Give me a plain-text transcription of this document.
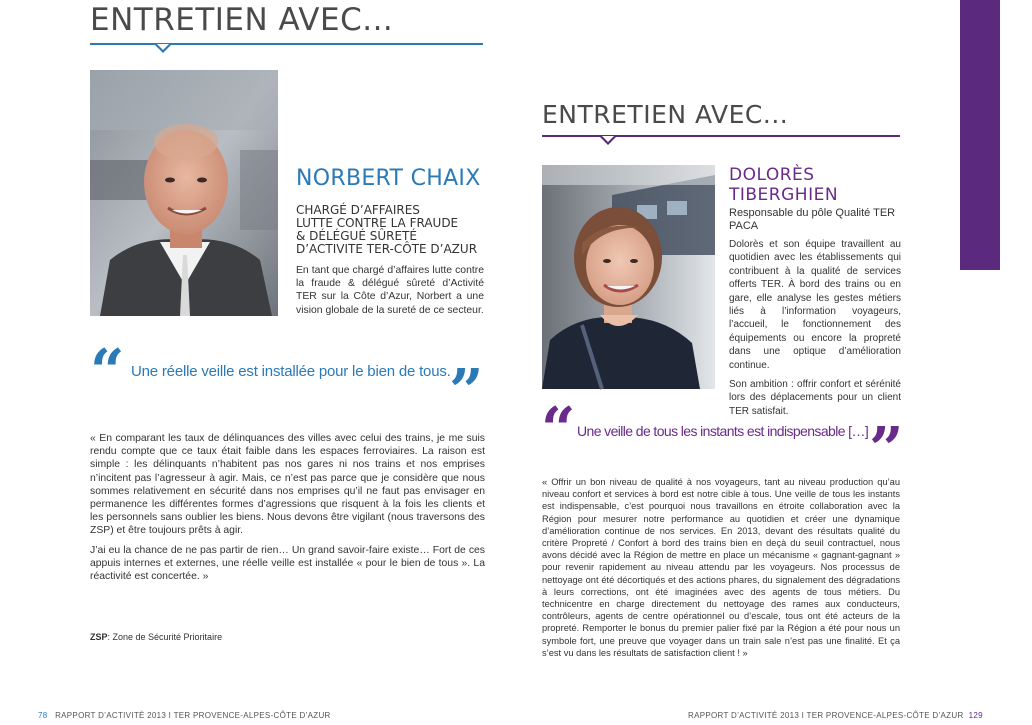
ENTRETIEN AVEC...
NORBERT CHAIX
CHARGÉ D’AFFAIRES
LUTTE CONTRE LA FRAUDE
& DÉLÉGUÉ SÛRETÉ
D’ACTIVITE TER-CÔTE D’AZUR
En tant que chargé d’affaires lutte contre la fraude & délégué sûreté d’Activité TER sur la Côte d’Azur, Norbert a une vision globale de la sureté de ce secteur.
“ Une réelle veille est installée pour le bien de tous.
”

« En comparant les taux de délinquances des villes avec celui des trains, je me suis rendu compte que ce taux était faible dans les espaces ferroviaires. La raison est simple : les délinquants n’habitent pas nos gares ni nos trains et nos emprises n’incitent pas l’agresseur à agir. Mais, ce n’est pas parce que je considère que nous sommes relativement en sécurité dans nos emprises qu’il ne faut pas envisager en permanence les différentes formes d’agressions que risquent à la fois les clients et les personnels sans oublier les biens. Nous devons être vigilant (nous traversons des ZSP) et être toujours prêts à agir.

J’ai eu la chance de ne pas partir de rien… Un grand savoir-faire existe… Fort de ces appuis internes et externes, une réelle veille est installée « pour le bien de tous ». La réactivité est concertée. »

ZSP: Zone de Sécurité Prioritaire
78 RAPPORT D’ACTIVITÉ 2013 I TER PROVENCE-ALPES-CÔTE D’AZUR
ENTRETIEN AVEC...
DOLORÈS
TIBERGHIEN
Responsable du pôle Qualité TER
PACA

Dolorès et son équipe travaillent au quotidien avec les établissements qui contribuent à la qualité de services offerts TER. À bord des trains ou en gare, elle analyse les gestes métiers liés à l’information voyageurs, l’accueil, le fonctionnement des équipements ou encore la propreté dans une optique d’amélioration continue.

Son ambition : offrir confort et sérénité lors des déplacements pour un client TER satisfait.

“ Une veille de tous les instants est indispensable […] ”
« Offrir un bon niveau de qualité à nos voyageurs, tant au niveau production qu’au niveau confort et services à bord est notre cible à tous. Une veille de tous les instants est indispensable, c’est pourquoi nous travaillons en étroite collaboration avec la Région pour mesurer notre performance au quotidien et créer une dynamique d’amélioration continue de nos services. En 2013, devant des résultats qualité du critère Propreté / Confort à bord des trains bien en deçà du seuil contractuel, nous avons décidé avec la Région de mettre en place un mécanisme « gagnant-gagnant » pour revenir rapidement au niveau attendu par les voyageurs. Nos processus de nettoyage ont été décortiqués et des actions phares, du signalement des dégradations à leurs corrections, ont été imaginées avec des agents de tous métiers. Du technicentre en charge directement du nettoyage des rames aux conducteurs, contrôleurs, agents de centre opérationnel ou d’escale, tous ont été acteurs de la propreté. Remporter le bonus du premier palier fixé par la Région a été pour nous un symbole fort, une preuve que voyager dans un train sale n’est pas une finalité. Et ça s’est vu dans les résultats de satisfaction client ! »
RAPPORT D’ACTIVITÉ 2013 I TER PROVENCE-ALPES-CÔTE D’AZUR 129
V. POUR UN VOYAGEUR SATISFAIT
